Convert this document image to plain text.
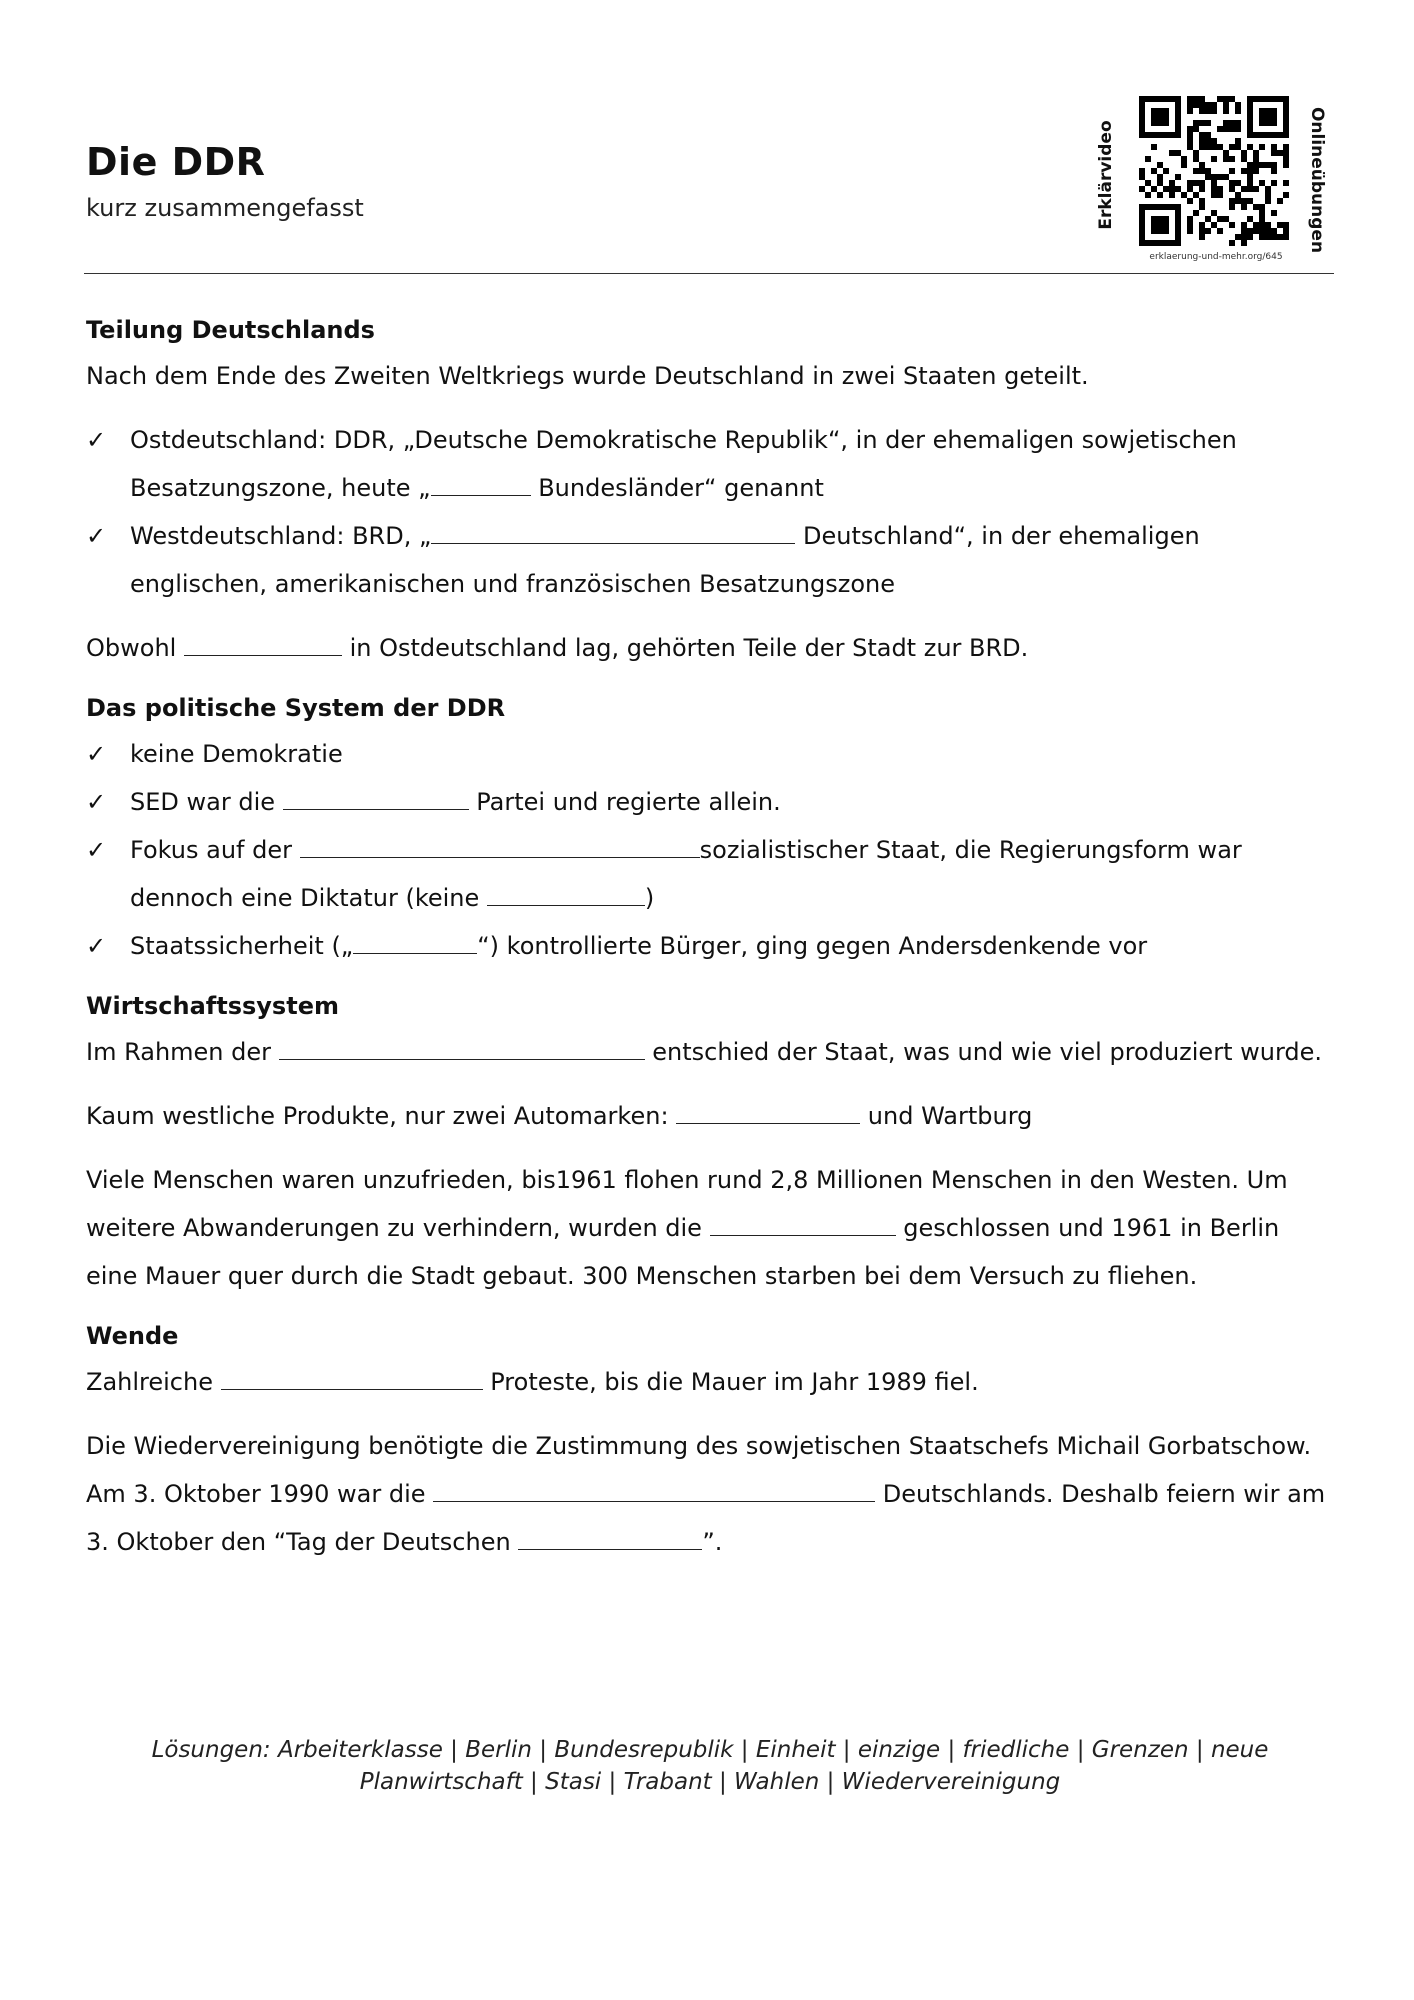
Die DDR
kurz zusammengefasst	Erklärvideo	Onlineübungen
erklaerung-und-mehr.org/645
Teilung Deutschlands

Nach dem Ende des Zweiten Weltkriegs wurde Deutschland in zwei Staaten geteilt.

✓ Ostdeutschland: DDR, „Deutsche Demokratische Republik“, in der ehemaligen sowjetischen Besatzungszone, heute „	Bundesländer“ genannt
✓ Westdeutschland: BRD, „	Deutschland“, in der ehemaligen englischen, amerikanischen und französischen Besatzungszone

Obwohl	in Ostdeutschland lag, gehörten Teile der Stadt zur BRD.

Das politische System der DDR
✓ keine Demokratie
✓ SED war die	Partei und regierte allein.
✓ Fokus auf der	sozialistischer Staat, die Regierungsform war dennoch eine Diktatur (keine	)
✓ Staatssicherheit („	“) kontrollierte Bürger, ging gegen Andersdenkende vor
Wirtschaftssystem

Im Rahmen der	entschied der Staat, was und wie viel produziert wurde.

Kaum westliche Produkte, nur zwei Automarken:	und Wartburg

Viele Menschen waren unzufrieden, bis1961 flohen rund 2,8 Millionen Menschen in den Westen. Um weitere Abwanderungen zu verhindern, wurden die	geschlossen und 1961 in Berlin eine Mauer quer durch die Stadt gebaut. 300 Menschen starben bei dem Versuch zu fliehen.

Wende

Zahlreiche	Proteste, bis die Mauer im Jahr 1989 fiel.

Die Wiedervereinigung benötigte die Zustimmung des sowjetischen Staatschefs Michail Gorbatschow. Am 3. Oktober 1990 war die	Deutschlands. Deshalb feiern wir am 3. Oktober den “Tag der Deutschen	”.

Lösungen: Arbeiterklasse | Berlin | Bundesrepublik | Einheit | einzige | friedliche | Grenzen | neue
Planwirtschaft | Stasi | Trabant | Wahlen | Wiedervereinigung
